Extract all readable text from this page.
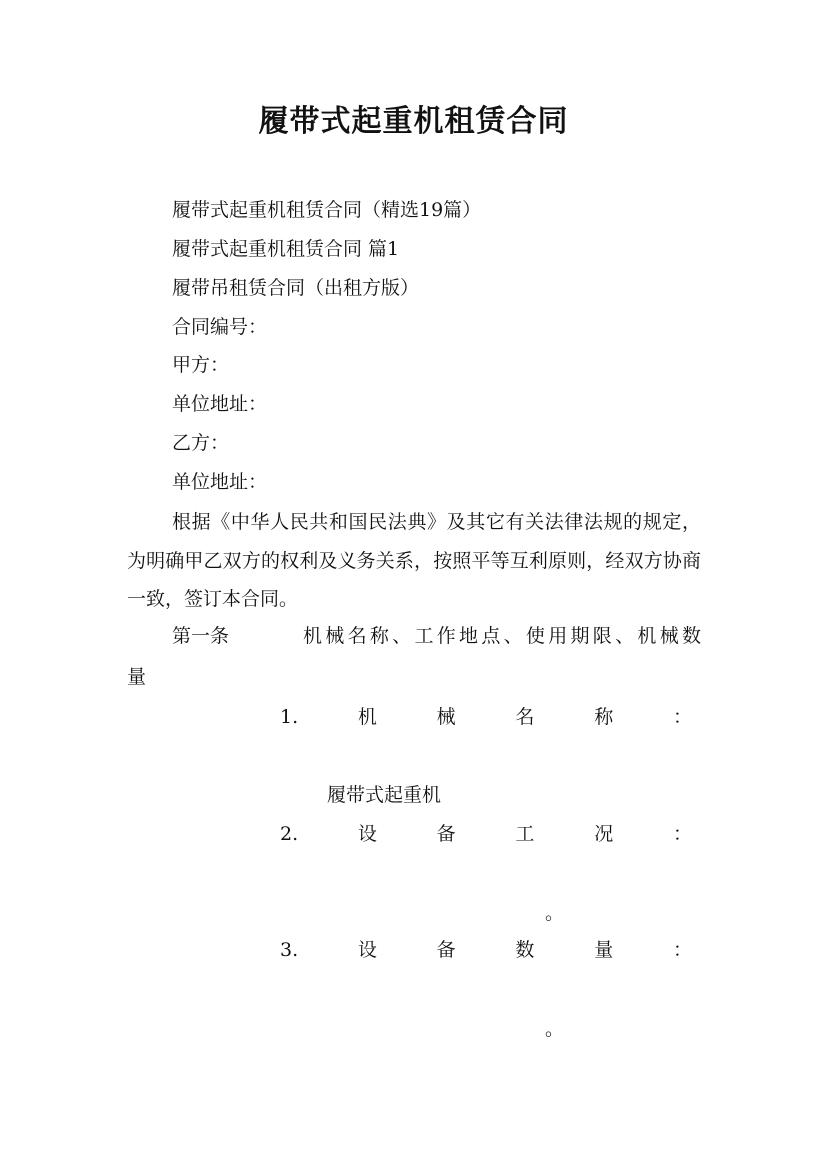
履带式起重机租赁合同
履带式起重机租赁合同（精选19篇）
履带式起重机租赁合同 篇1
履带吊租赁合同（出租方版）
合同编号：
甲方：
单位地址：
乙方：
单位地址：
根据《中华人民共和国民法典》及其它有关法律法规的规定，为明确甲乙双方的权利及义务关系，按照平等互利原则，经双方协商一致，签订本合同。
第一条	机械名称、工作地点、使用期限、机械数
量
1.	机	械	名	称	：
履带式起重机
2.	设	备	工	况	：
。
3.	设	备	数	量	：
。
